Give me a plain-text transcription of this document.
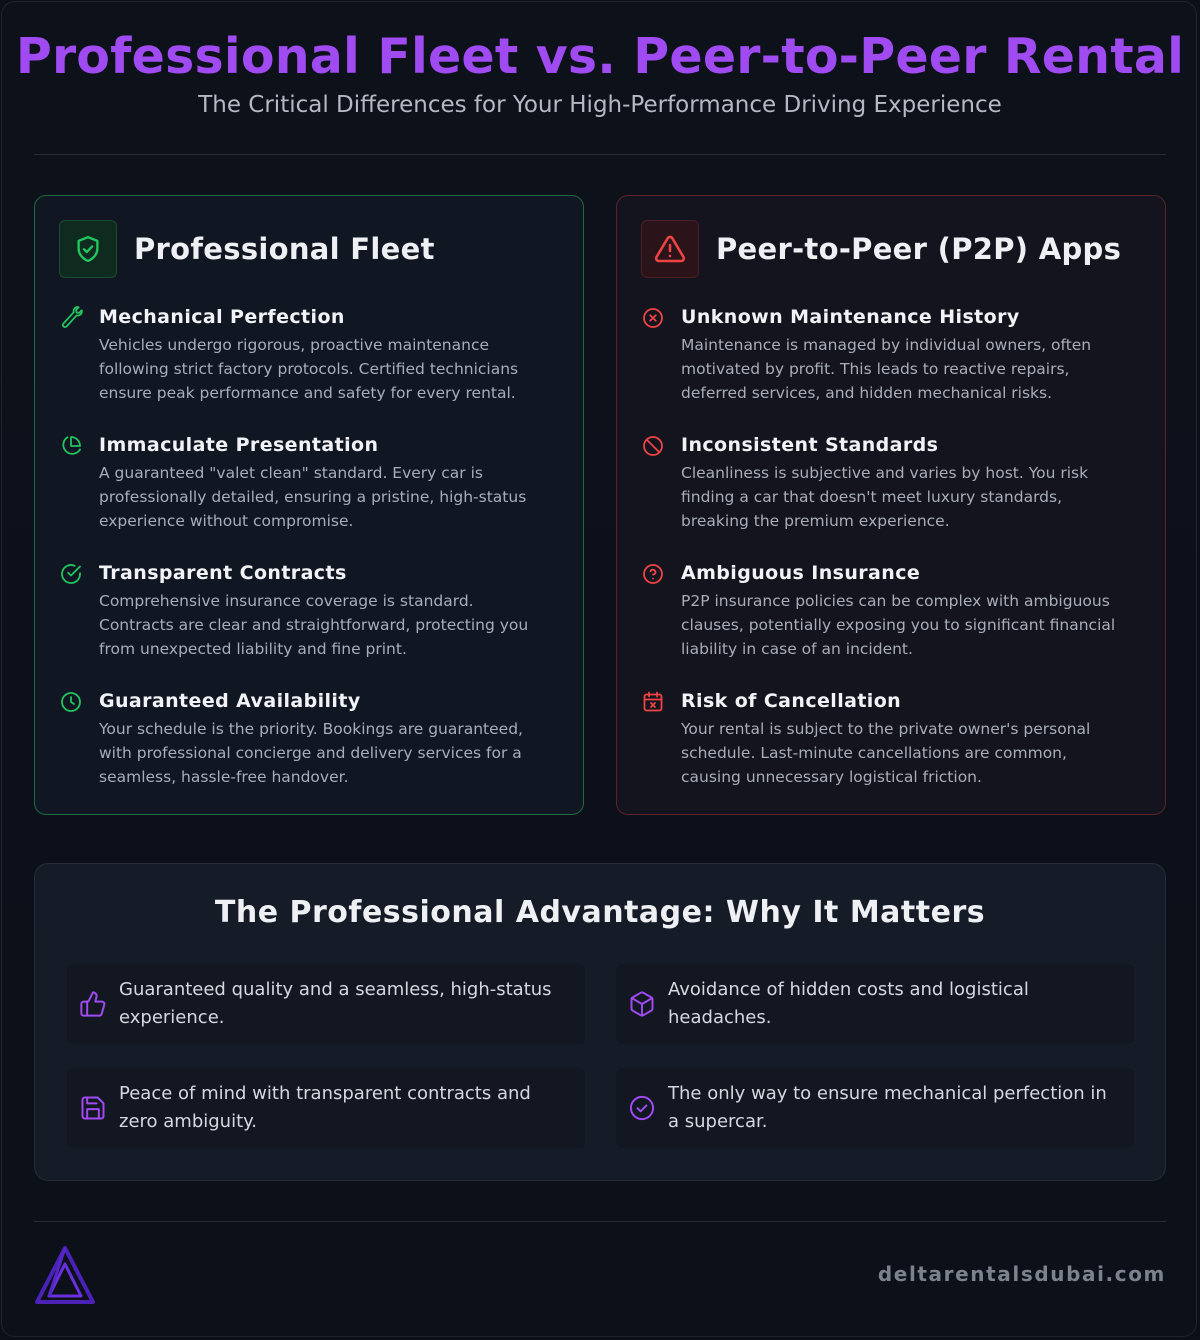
Professional Fleet vs. Peer-to-Peer Rental

The Critical Differences for Your High-Performance Driving Experience

Professional Fleet
Mechanical Perfection
Vehicles undergo rigorous, proactive maintenance
following strict factory protocols. Certified technicians
ensure peak performance and safety for every rental.
Immaculate Presentation
A guaranteed "valet clean" standard. Every car is
professionally detailed, ensuring a pristine, high-status
experience without compromise.
Transparent Contracts
Comprehensive insurance coverage is standard.
Contracts are clear and straightforward, protecting you
from unexpected liability and fine print.
Guaranteed Availability
Your schedule is the priority. Bookings are guaranteed,
with professional concierge and delivery services for a
seamless, hassle-free handover.
Peer-to-Peer (P2P) Apps
Unknown Maintenance History
Maintenance is managed by individual owners, often
motivated by profit. This leads to reactive repairs,
deferred services, and hidden mechanical risks.
Inconsistent Standards
Cleanliness is subjective and varies by host. You risk
finding a car that doesn't meet luxury standards,
breaking the premium experience.
Ambiguous Insurance
P2P insurance policies can be complex with ambiguous
clauses, potentially exposing you to significant financial
liability in case of an incident.
Risk of Cancellation
Your rental is subject to the private owner's personal
schedule. Last-minute cancellations are common,
causing unnecessary logistical friction.
The Professional Advantage: Why It Matters
Guaranteed quality and a seamless, high-status
experience.
Avoidance of hidden costs and logistical
headaches.
Peace of mind with transparent contracts and
zero ambiguity.
The only way to ensure mechanical perfection in
a supercar.
deltarentalsdubai.com
